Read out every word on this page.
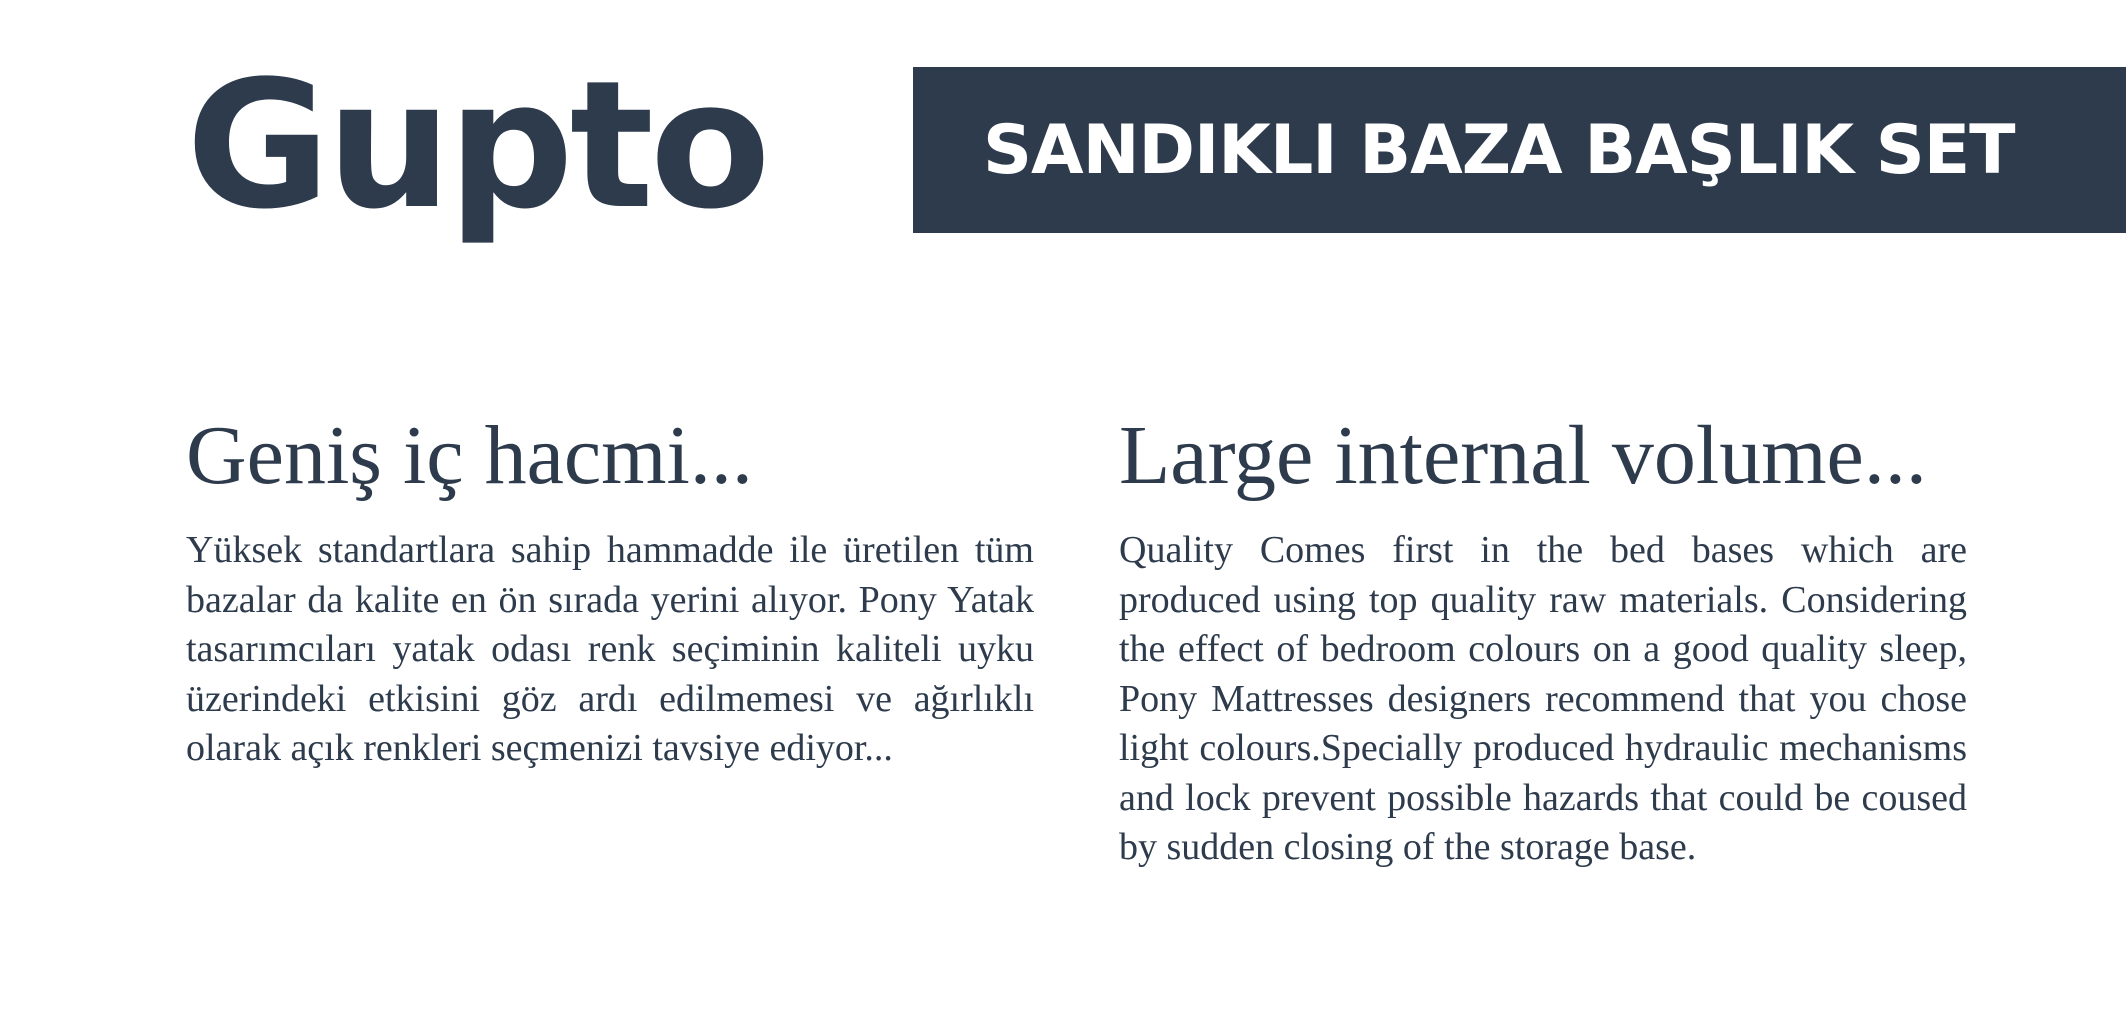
Gupto	SANDIKLI BAZA BAŞLIK SET
Geniş iç hacmi...

Yüksek standartlara sahip hammadde ile üretilen tüm bazalar da kalite en ön sırada yerini alıyor. Pony Yatak tasarımcıları yatak odası renk seçiminin kaliteli uyku üzerindeki etkisini göz ardı edilmemesi ve ağırlıklı olarak açık renkleri seçmenizi tavsiye ediyor...

Large internal volume...

Quality Comes first in the bed bases which are produced using top quality raw materials. Considering the effect of bedroom colours on a good quality sleep, Pony Mattresses designers recommend that you chose light colours.Specially produced hydraulic mechanisms and lock prevent possible hazards that could be coused by sudden closing of the storage base.
